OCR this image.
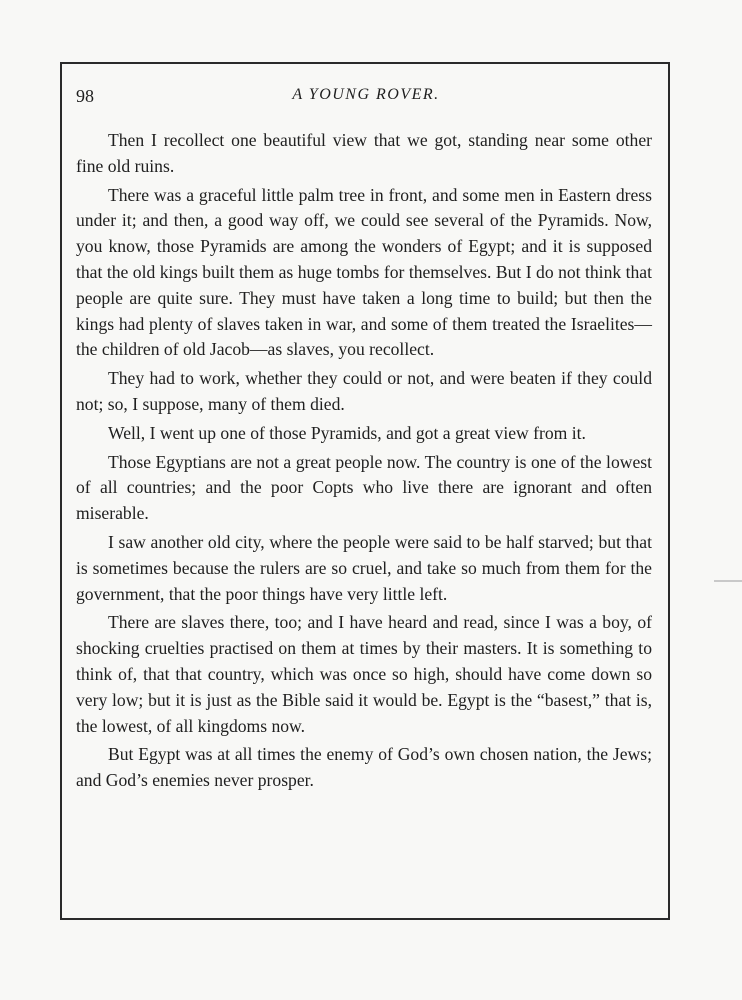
98	A YOUNG ROVER.

Then I recollect one beautiful view that we got, standing near some other fine old ruins.

There was a graceful little palm tree in front, and some men in Eastern dress under it; and then, a good way off, we could see several of the Pyramids. Now, you know, those Pyramids are among the wonders of Egypt; and it is supposed that the old kings built them as huge tombs for themselves. But I do not think that people are quite sure. They must have taken a long time to build; but then the kings had plenty of slaves taken in war, and some of them treated the Israelites—the children of old Jacob—as slaves, you recollect.

They had to work, whether they could or not, and were beaten if they could not; so, I suppose, many of them died.

Well, I went up one of those Pyramids, and got a great view from it.

Those Egyptians are not a great people now. The country is one of the lowest of all countries; and the poor Copts who live there are ignorant and often miserable.

I saw another old city, where the people were said to be half starved; but that is sometimes because the rulers are so cruel, and take so much from them for the government, that the poor things have very little left.

There are slaves there, too; and I have heard and read, since I was a boy, of shocking cruelties practised on them at times by their masters. It is something to think of, that that country, which was once so high, should have come down so very low; but it is just as the Bible said it would be. Egypt is the “basest,” that is, the lowest, of all kingdoms now.

But Egypt was at all times the enemy of God’s own chosen nation, the Jews; and God’s enemies never prosper.
